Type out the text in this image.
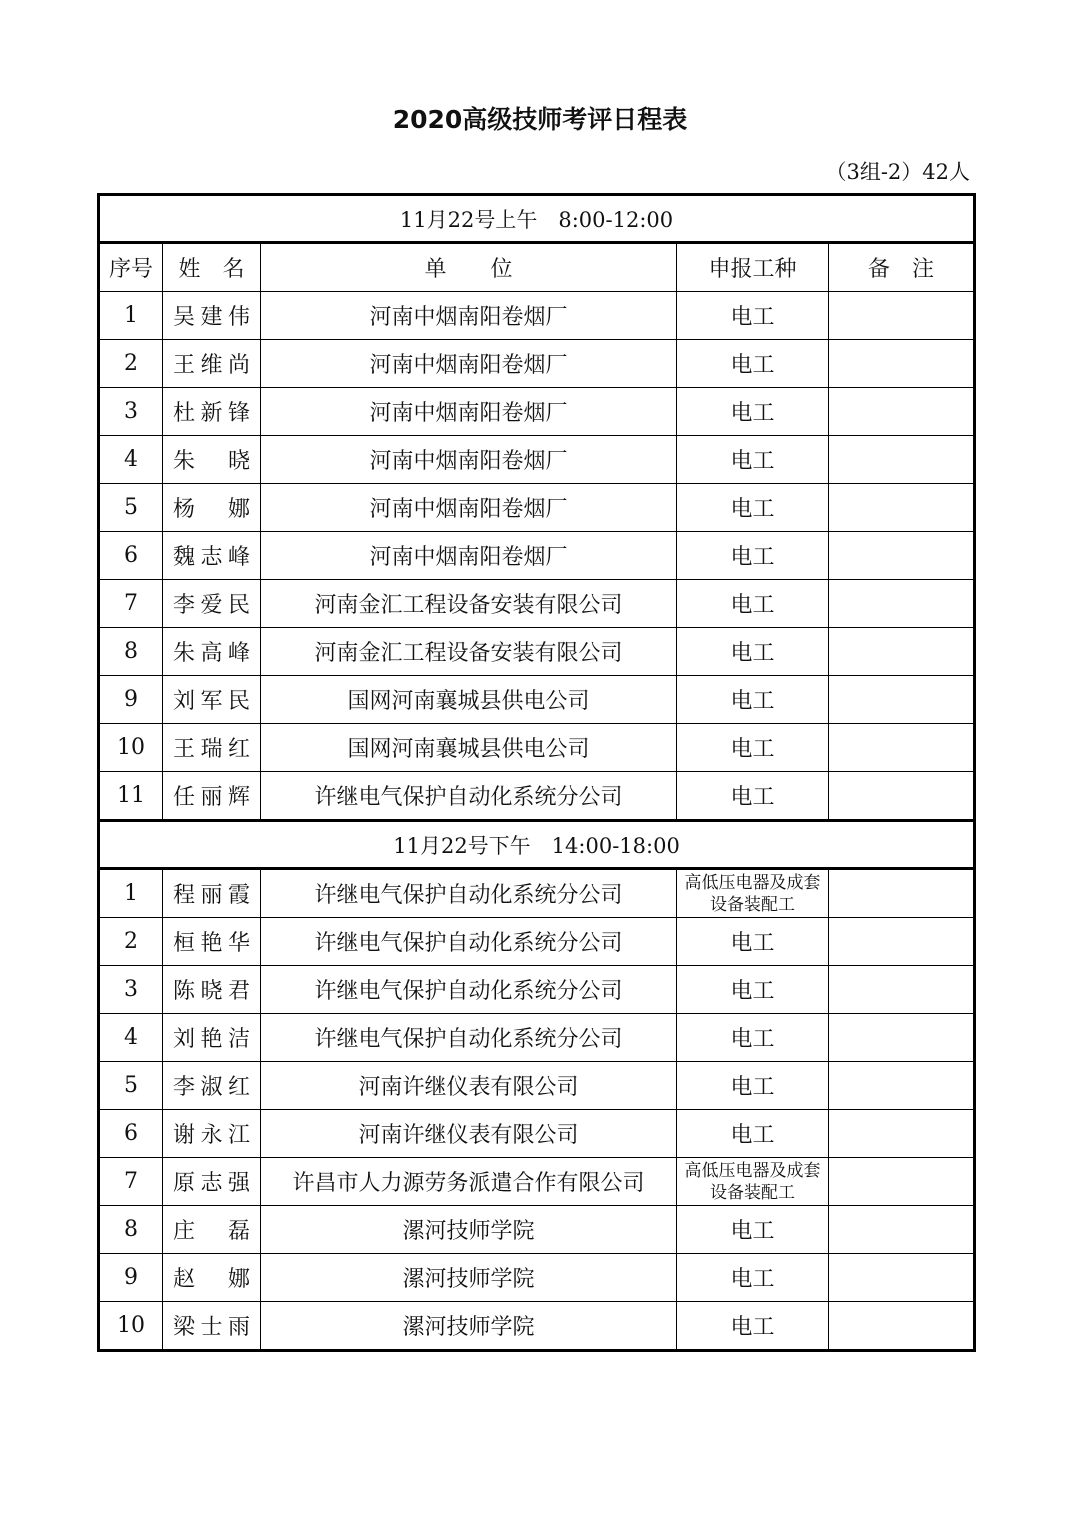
2020高级技师考评日程表
（3组-2）42人
11月22号上午　8:00-12:00				
序号	姓　名	单　　位	申报工种	备　注
1	吴建伟	河南中烟南阳卷烟厂	电工	
2	王维尚	河南中烟南阳卷烟厂	电工	
3	杜新锋	河南中烟南阳卷烟厂	电工	
4	朱晓	河南中烟南阳卷烟厂	电工	
5	杨娜	河南中烟南阳卷烟厂	电工	
6	魏志峰	河南中烟南阳卷烟厂	电工	
7	李爱民	河南金汇工程设备安装有限公司	电工	
8	朱高峰	河南金汇工程设备安装有限公司	电工	
9	刘军民	国网河南襄城县供电公司	电工	
10	王瑞红	国网河南襄城县供电公司	电工	
11	任丽辉	许继电气保护自动化系统分公司	电工	
11月22号下午　14:00-18:00				
1	程丽霞	许继电气保护自动化系统分公司	高低压电器及成套设备装配工	
2	桓艳华	许继电气保护自动化系统分公司	电工	
3	陈晓君	许继电气保护自动化系统分公司	电工	
4	刘艳洁	许继电气保护自动化系统分公司	电工	
5	李淑红	河南许继仪表有限公司	电工	
6	谢永江	河南许继仪表有限公司	电工	
7	原志强	许昌市人力源劳务派遣合作有限公司	高低压电器及成套设备装配工	
8	庄磊	漯河技师学院	电工	
9	赵娜	漯河技师学院	电工	
10	梁士雨	漯河技师学院	电工	
